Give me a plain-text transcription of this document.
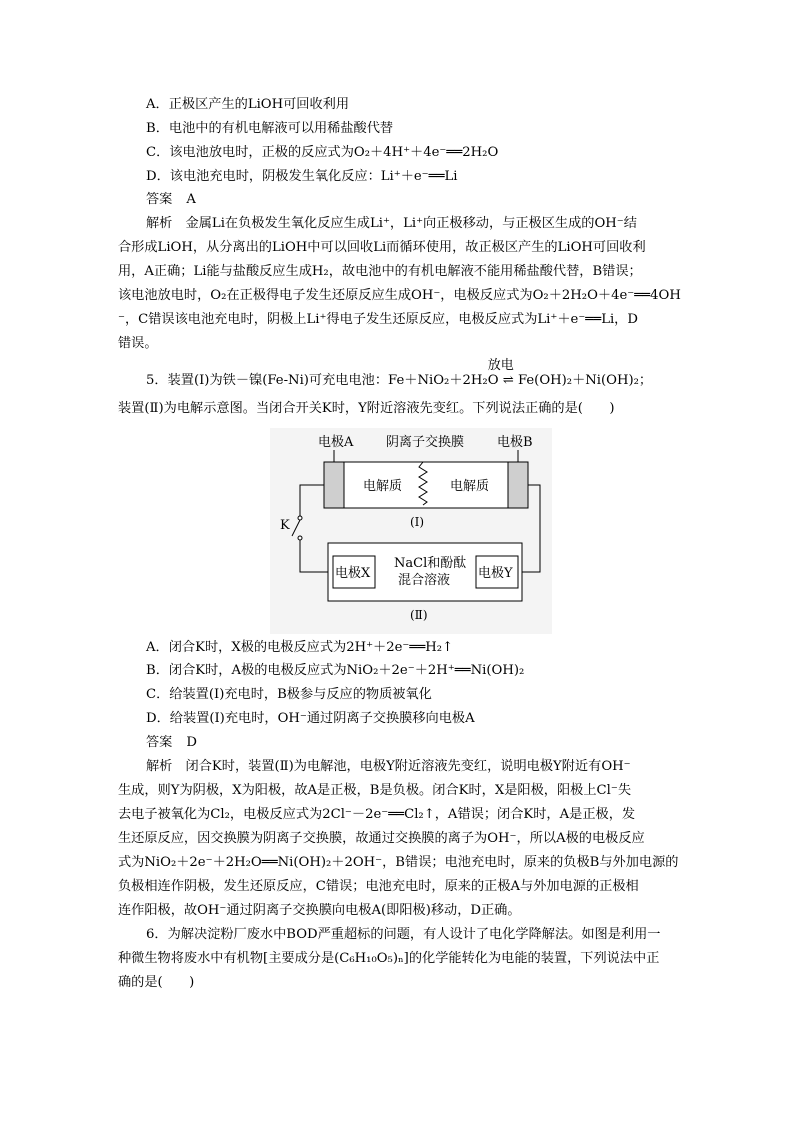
A．正极区产生的LiOH可回收利用
B．电池中的有机电解液可以用稀盐酸代替
C．该电池放电时，正极的反应式为O₂＋4H⁺＋4e⁻══2H₂O
D．该电池充电时，阴极发生氧化反应：Li⁺＋e⁻══Li
答案 A
解析　金属Li在负极发生氧化反应生成Li⁺，Li⁺向正极移动，与正极区生成的OH⁻结
合形成LiOH，从分离出的LiOH中可以回收Li而循环使用，故正极区产生的LiOH可回收利
用，A正确；Li能与盐酸反应生成H₂，故电池中的有机电解液不能用稀盐酸代替，B错误；
该电池放电时，O₂在正极得电子发生还原反应生成OH⁻，电极反应式为O₂＋2H₂O＋4e⁻══4OH
⁻，C错误该电池充电时，阴极上Li⁺得电子发生还原反应，电极反应式为Li⁺＋e⁻══Li，D
错误。
放电
5．装置(Ⅰ)为铁－镍(Fe-Ni)可充电电池：Fe＋NiO₂＋2H₂O ⇌ Fe(OH)₂＋Ni(OH)₂；
装置(Ⅱ)为电解示意图。当闭合开关K时，Y附近溶液先变红。下列说法正确的是(　　)
电极A	阴离子交换膜	电极B
电解质	电解质
(Ⅰ)
K
电极X	电极Y
NaCl和酚酞
混合溶液
(Ⅱ)
A．闭合K时，X极的电极反应式为2H⁺＋2e⁻══H₂↑
B．闭合K时，A极的电极反应式为NiO₂＋2e⁻＋2H⁺══Ni(OH)₂
C．给装置(Ⅰ)充电时，B极参与反应的物质被氧化
D．给装置(Ⅰ)充电时，OH⁻通过阴离子交换膜移向电极A
答案 D
解析　闭合K时，装置(Ⅱ)为电解池，电极Y附近溶液先变红，说明电极Y附近有OH⁻
生成，则Y为阴极，X为阳极，故A是正极，B是负极。闭合K时，X是阳极，阳极上Cl⁻失
去电子被氧化为Cl₂，电极反应式为2Cl⁻－2e⁻══Cl₂↑，A错误；闭合K时，A是正极，发
生还原反应，因交换膜为阴离子交换膜，故通过交换膜的离子为OH⁻，所以A极的电极反应
式为NiO₂＋2e⁻＋2H₂O══Ni(OH)₂＋2OH⁻，B错误；电池充电时，原来的负极B与外加电源的
负极相连作阴极，发生还原反应，C错误；电池充电时，原来的正极A与外加电源的正极相
连作阳极，故OH⁻通过阴离子交换膜向电极A(即阳极)移动，D正确。
6．为解决淀粉厂废水中BOD严重超标的问题，有人设计了电化学降解法。如图是利用一
种微生物将废水中有机物[主要成分是(C₆H₁₀O₅)ₙ]的化学能转化为电能的装置，下列说法中正
确的是(　　)
